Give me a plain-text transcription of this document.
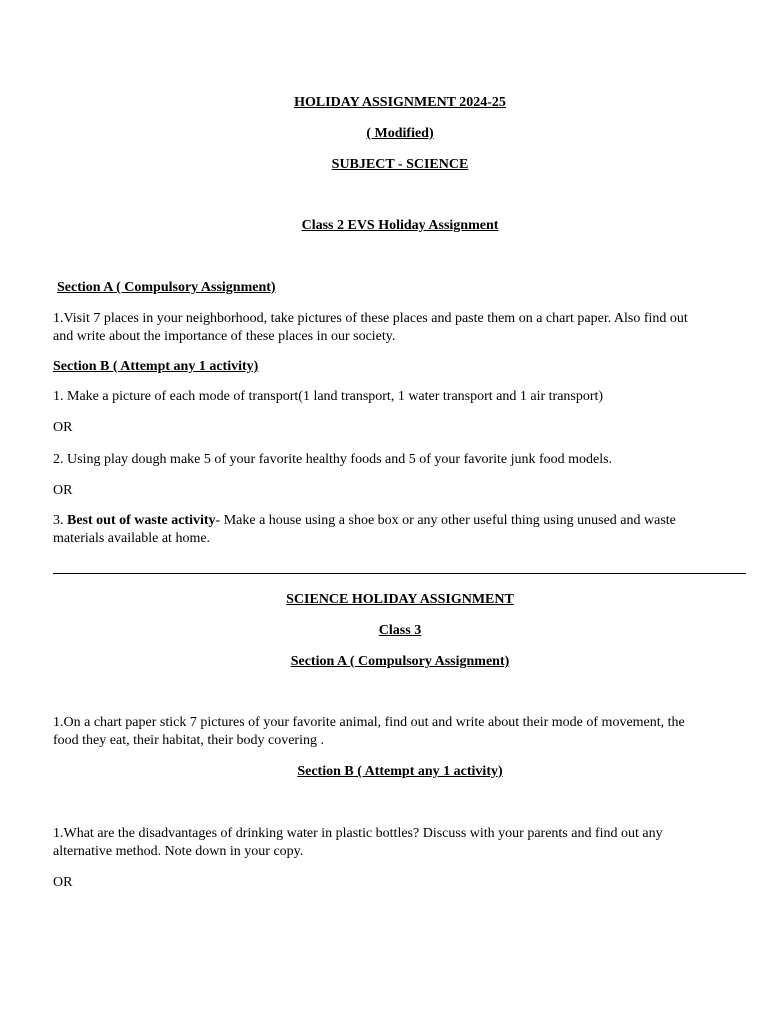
HOLIDAY ASSIGNMENT 2024-25
( Modified)
SUBJECT - SCIENCE
Class 2 EVS Holiday Assignment
Section A ( Compulsory Assignment)
1.Visit 7 places in your neighborhood, take pictures of these places and paste them on a chart paper. Also find out
and write about the importance of these places in our society.
Section B ( Attempt any 1 activity)
1. Make a picture of each mode of transport(1 land transport, 1 water transport and 1 air transport)
OR
2. Using play dough make 5 of your favorite healthy foods and 5 of your favorite junk food models.
OR
3. Best out of waste activity- Make a house using a shoe box or any other useful thing using unused and waste
materials available at home.
SCIENCE HOLIDAY ASSIGNMENT
Class 3
Section A ( Compulsory Assignment)
1.On a chart paper stick 7 pictures of your favorite animal, find out and write about their mode of movement, the
food they eat, their habitat, their body covering .
Section B ( Attempt any 1 activity)
1.What are the disadvantages of drinking water in plastic bottles? Discuss with your parents and find out any
alternative method. Note down in your copy.
OR
